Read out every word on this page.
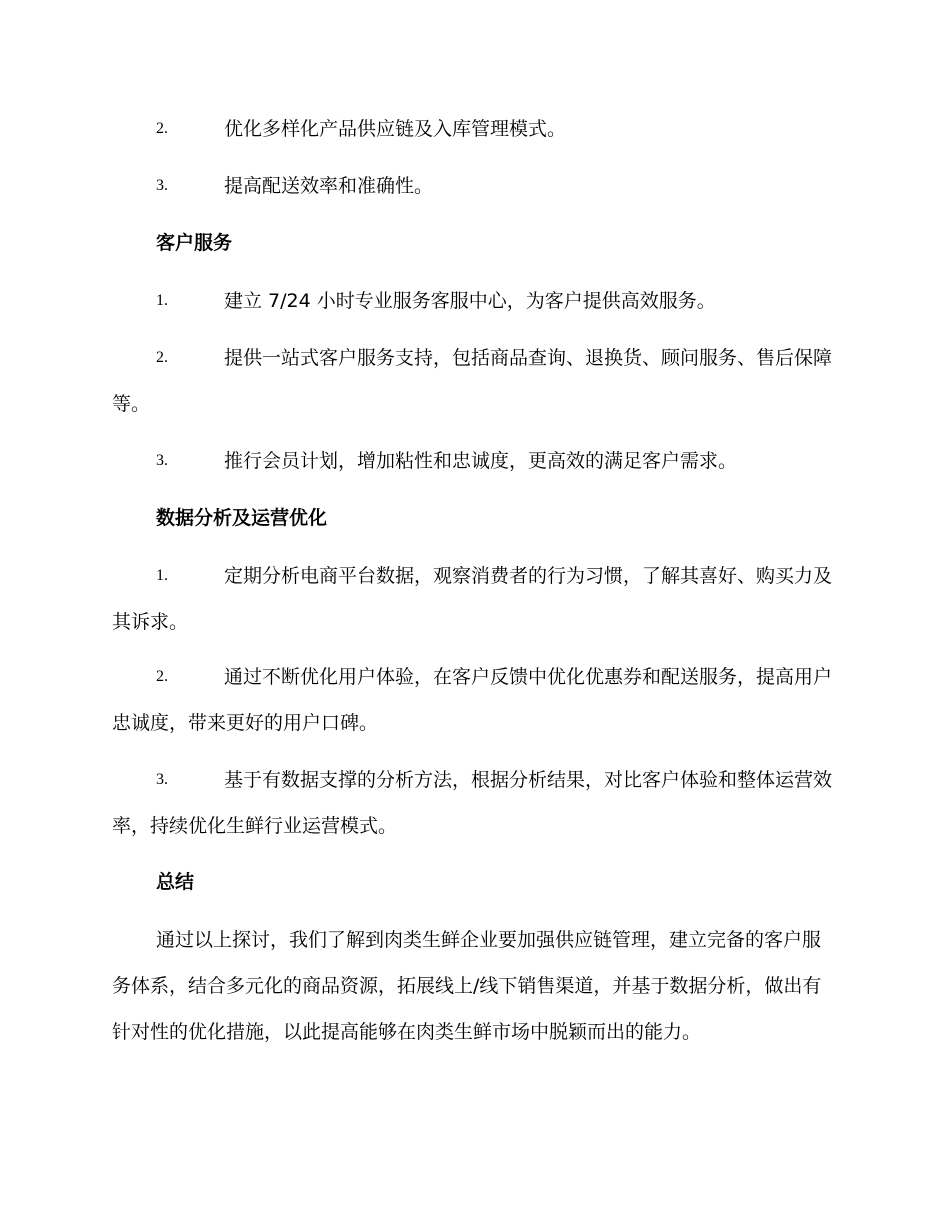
2.	优化多样化产品供应链及入库管理模式。
3.	提高配送效率和准确性。
客户服务
1.	建立 7/24 小时专业服务客服中心，为客户提供高效服务。
2.	提供一站式客户服务支持，包括商品查询、退换货、顾问服务、售后保障等。
3.	推行会员计划，增加粘性和忠诚度，更高效的满足客户需求。
数据分析及运营优化
1.	定期分析电商平台数据，观察消费者的行为习惯，了解其喜好、购买力及其诉求。
2.	通过不断优化用户体验，在客户反馈中优化优惠券和配送服务，提高用户忠诚度，带来更好的用户口碑。
3.	基于有数据支撑的分析方法，根据分析结果，对比客户体验和整体运营效率，持续优化生鲜行业运营模式。
总结
通过以上探讨，我们了解到肉类生鲜企业要加强供应链管理，建立完备的客户服务体系，结合多元化的商品资源，拓展线上/线下销售渠道，并基于数据分析，做出有针对性的优化措施，以此提高能够在肉类生鲜市场中脱颖而出的能力。
